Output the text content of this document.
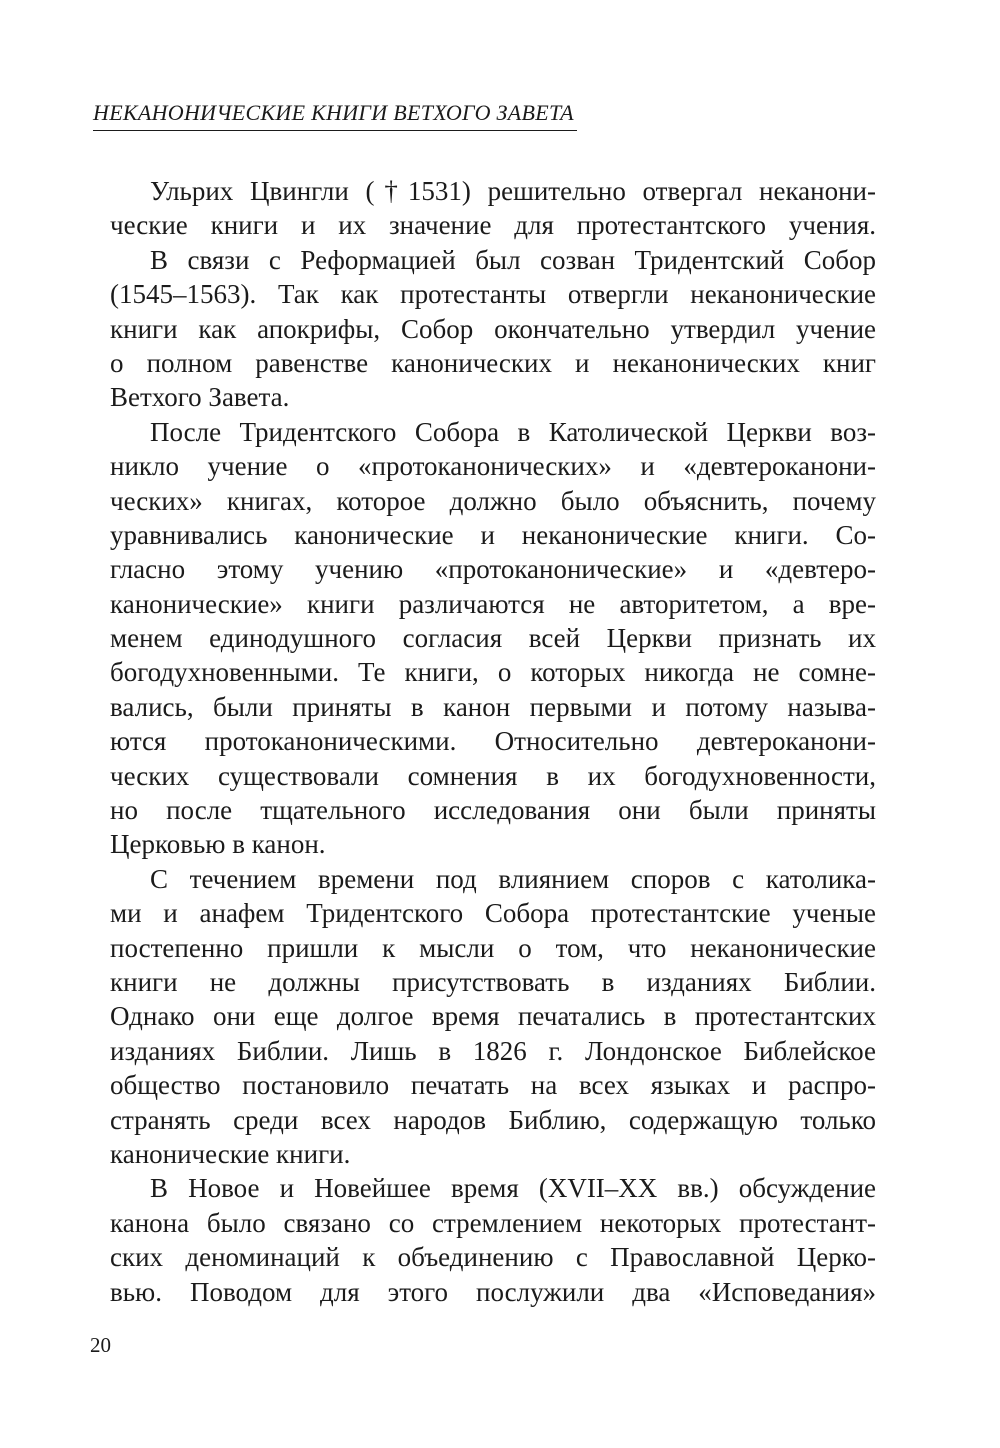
НЕКАНОНИЧЕСКИЕ КНИГИ ВЕТХОГО ЗАВЕТА
Ульрих Цвингли (†1531) решительно отвергал неканони-
ческие книги и их значение для протестантского учения.
В связи с Реформацией был созван Тридентский Собор
(1545–1563). Так как протестанты отвергли неканонические
книги как апокрифы, Собор окончательно утвердил учение
о полном равенстве канонических и неканонических книг
Ветхого Завета.
После Тридентского Собора в Католической Церкви воз-
никло учение о «протоканонических» и «девтероканони-
ческих» книгах, которое должно было объяснить, почему
уравнивались канонические и неканонические книги. Со-
гласно этому учению «протоканонические» и «девтеро-
канонические» книги различаются не авторитетом, а вре-
менем единодушного согласия всей Церкви признать их
богодухновенными. Те книги, о которых никогда не сомне-
вались, были приняты в канон первыми и потому называ-
ются протоканоническими. Относительно девтероканони-
ческих существовали сомнения в их богодухновенности,
но после тщательного исследования они были приняты
Церковью в канон.
С течением времени под влиянием споров с католика-
ми и анафем Тридентского Собора протестантские ученые
постепенно пришли к мысли о том, что неканонические
книги не должны присутствовать в изданиях Библии.
Однако они еще долгое время печатались в протестантских
изданиях Библии. Лишь в 1826 г. Лондонское Библейское
общество постановило печатать на всех языках и распро-
странять среди всех народов Библию, содержащую только
канонические книги.
В Новое и Новейшее время (XVII–XX вв.) обсуждение
канона было связано со стремлением некоторых протестант-
ских деноминаций к объединению с Православной Церко-
вью. Поводом для этого послужили два «Исповедания»
20
